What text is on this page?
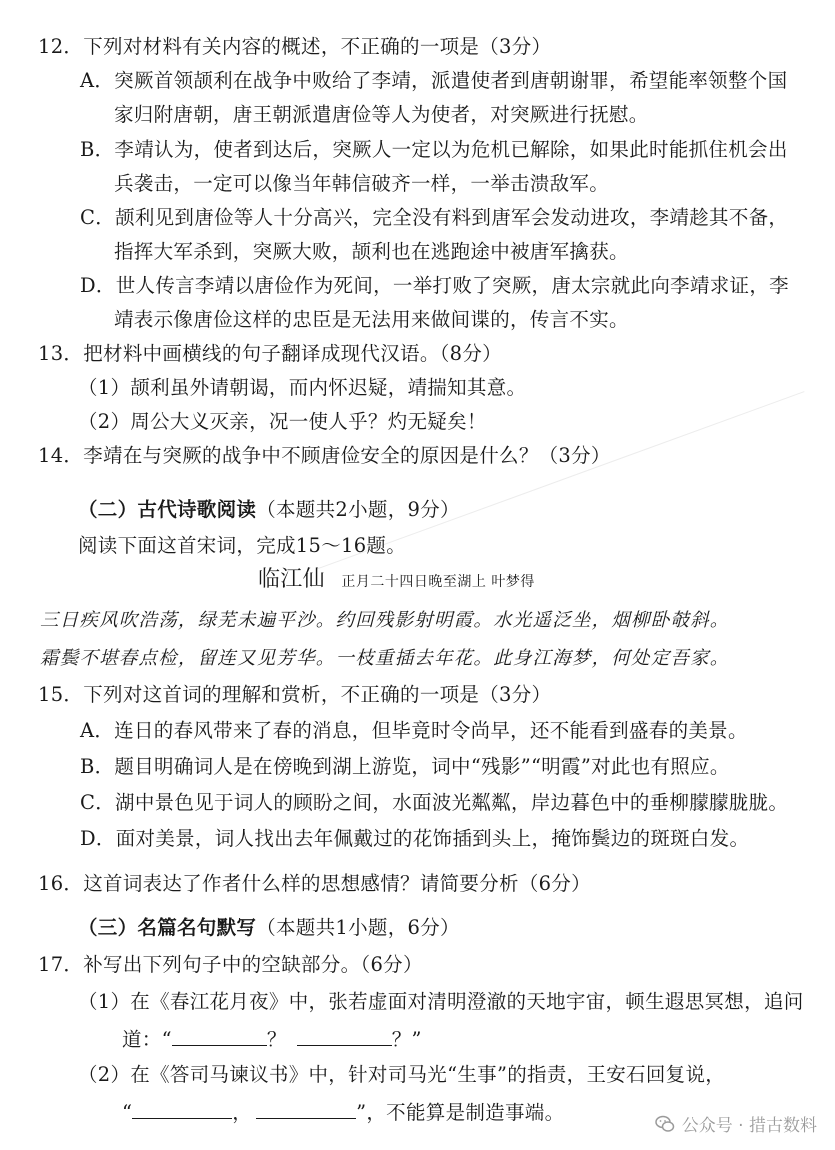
12．下列对材料有关内容的概述，不正确的一项是（3分）
A．突厥首领颉利在战争中败给了李靖，派遣使者到唐朝谢罪，希望能率领整个国
家归附唐朝，唐王朝派遣唐俭等人为使者，对突厥进行抚慰。
B．李靖认为，使者到达后，突厥人一定以为危机已解除，如果此时能抓住机会出
兵袭击，一定可以像当年韩信破齐一样，一举击溃敌军。
C．颉利见到唐俭等人十分高兴，完全没有料到唐军会发动进攻，李靖趁其不备，
指挥大军杀到，突厥大败，颉利也在逃跑途中被唐军擒获。
D．世人传言李靖以唐俭作为死间，一举打败了突厥，唐太宗就此向李靖求证，李
靖表示像唐俭这样的忠臣是无法用来做间谍的，传言不实。
13．把材料中画横线的句子翻译成现代汉语。（8分）
（1）颉利虽外请朝谒，而内怀迟疑，靖揣知其意。
（2）周公大义灭亲，况一使人乎？灼无疑矣！
14．李靖在与突厥的战争中不顾唐俭安全的原因是什么？（3分）
（二）古代诗歌阅读（本题共2小题，9分）
阅读下面这首宋词，完成15～16题。
临江仙 正月二十四日晚至湖上 叶梦得
三日疾风吹浩荡，绿芜未遍平沙。约回残影射明霞。水光遥泛坐，烟柳卧攲斜。
霜鬓不堪春点检，留连又见芳华。一枝重插去年花。此身江海梦，何处定吾家。
15．下列对这首词的理解和赏析，不正确的一项是（3分）
A．连日的春风带来了春的消息，但毕竟时令尚早，还不能看到盛春的美景。
B．题目明确词人是在傍晚到湖上游览，词中“残影”“明霞”对此也有照应。
C．湖中景色见于词人的顾盼之间，水面波光粼粼，岸边暮色中的垂柳朦朦胧胧。
D．面对美景，词人找出去年佩戴过的花饰插到头上，掩饰鬓边的斑斑白发。
16．这首词表达了作者什么样的思想感情？请简要分析（6分）
（三）名篇名句默写（本题共1小题，6分）
17．补写出下列句子中的空缺部分。（6分）
（1）在《春江花月夜》中，张若虚面对清明澄澈的天地宇宙，顿生遐思冥想，追问
道：“	？	？”
（2）在《答司马谏议书》中，针对司马光“生事”的指责，王安石回复说，
“	，	”，不能算是制造事端。
公众号 · 措古数料
